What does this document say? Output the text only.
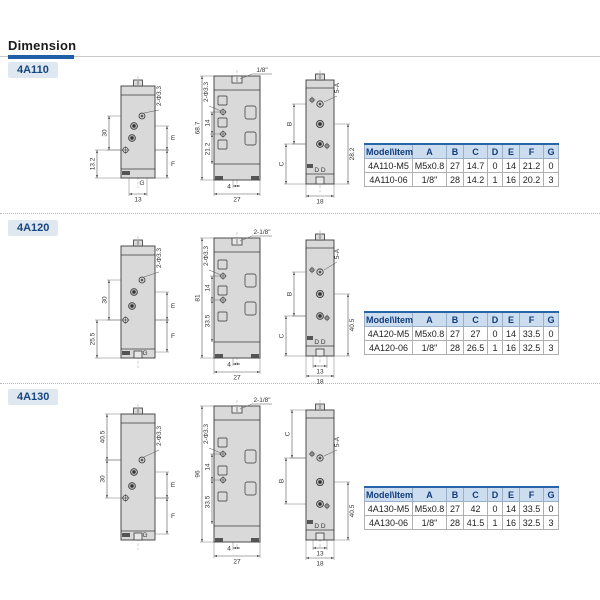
Dimension
4A110
4A120
4A130
30
13.2
E
F
G
13
2-Φ3.3
1/8"
68.7 14
21.2
2-Φ3.3
4
27
B
C
28.2
5-A
D D
18
30
25.5
E
F
G
2-Φ3.3
2-1/8"
81
14
33.5
2-Φ3.3
4
27
B
C
40.5
5-A
D D
13
18
40.5
30
E
F
G
2-Φ3.3
2-1/8"
96
14
33.5
2-Φ3.3
4
27
C
B
40.5
5-A
D D
13
18
Model\Item	A	B	C	D	E	F	G
4A110-M5	M5x0.8	27	14.7	0	14	21.2	0
4A110-06	1/8"	28	14.2	1	16	20.2	3
Model\Item	A	B	C	D	E	F	G
4A120-M5	M5x0.8	27	27	0	14	33.5	0
4A120-06	1/8"	28	26.5	1	16	32.5	3
Model\Item	A	B	C	D	E	F	G
4A130-M5	M5x0.8	27	42	0	14	33.5	0
4A130-06	1/8"	28	41.5	1	16	32.5	3
